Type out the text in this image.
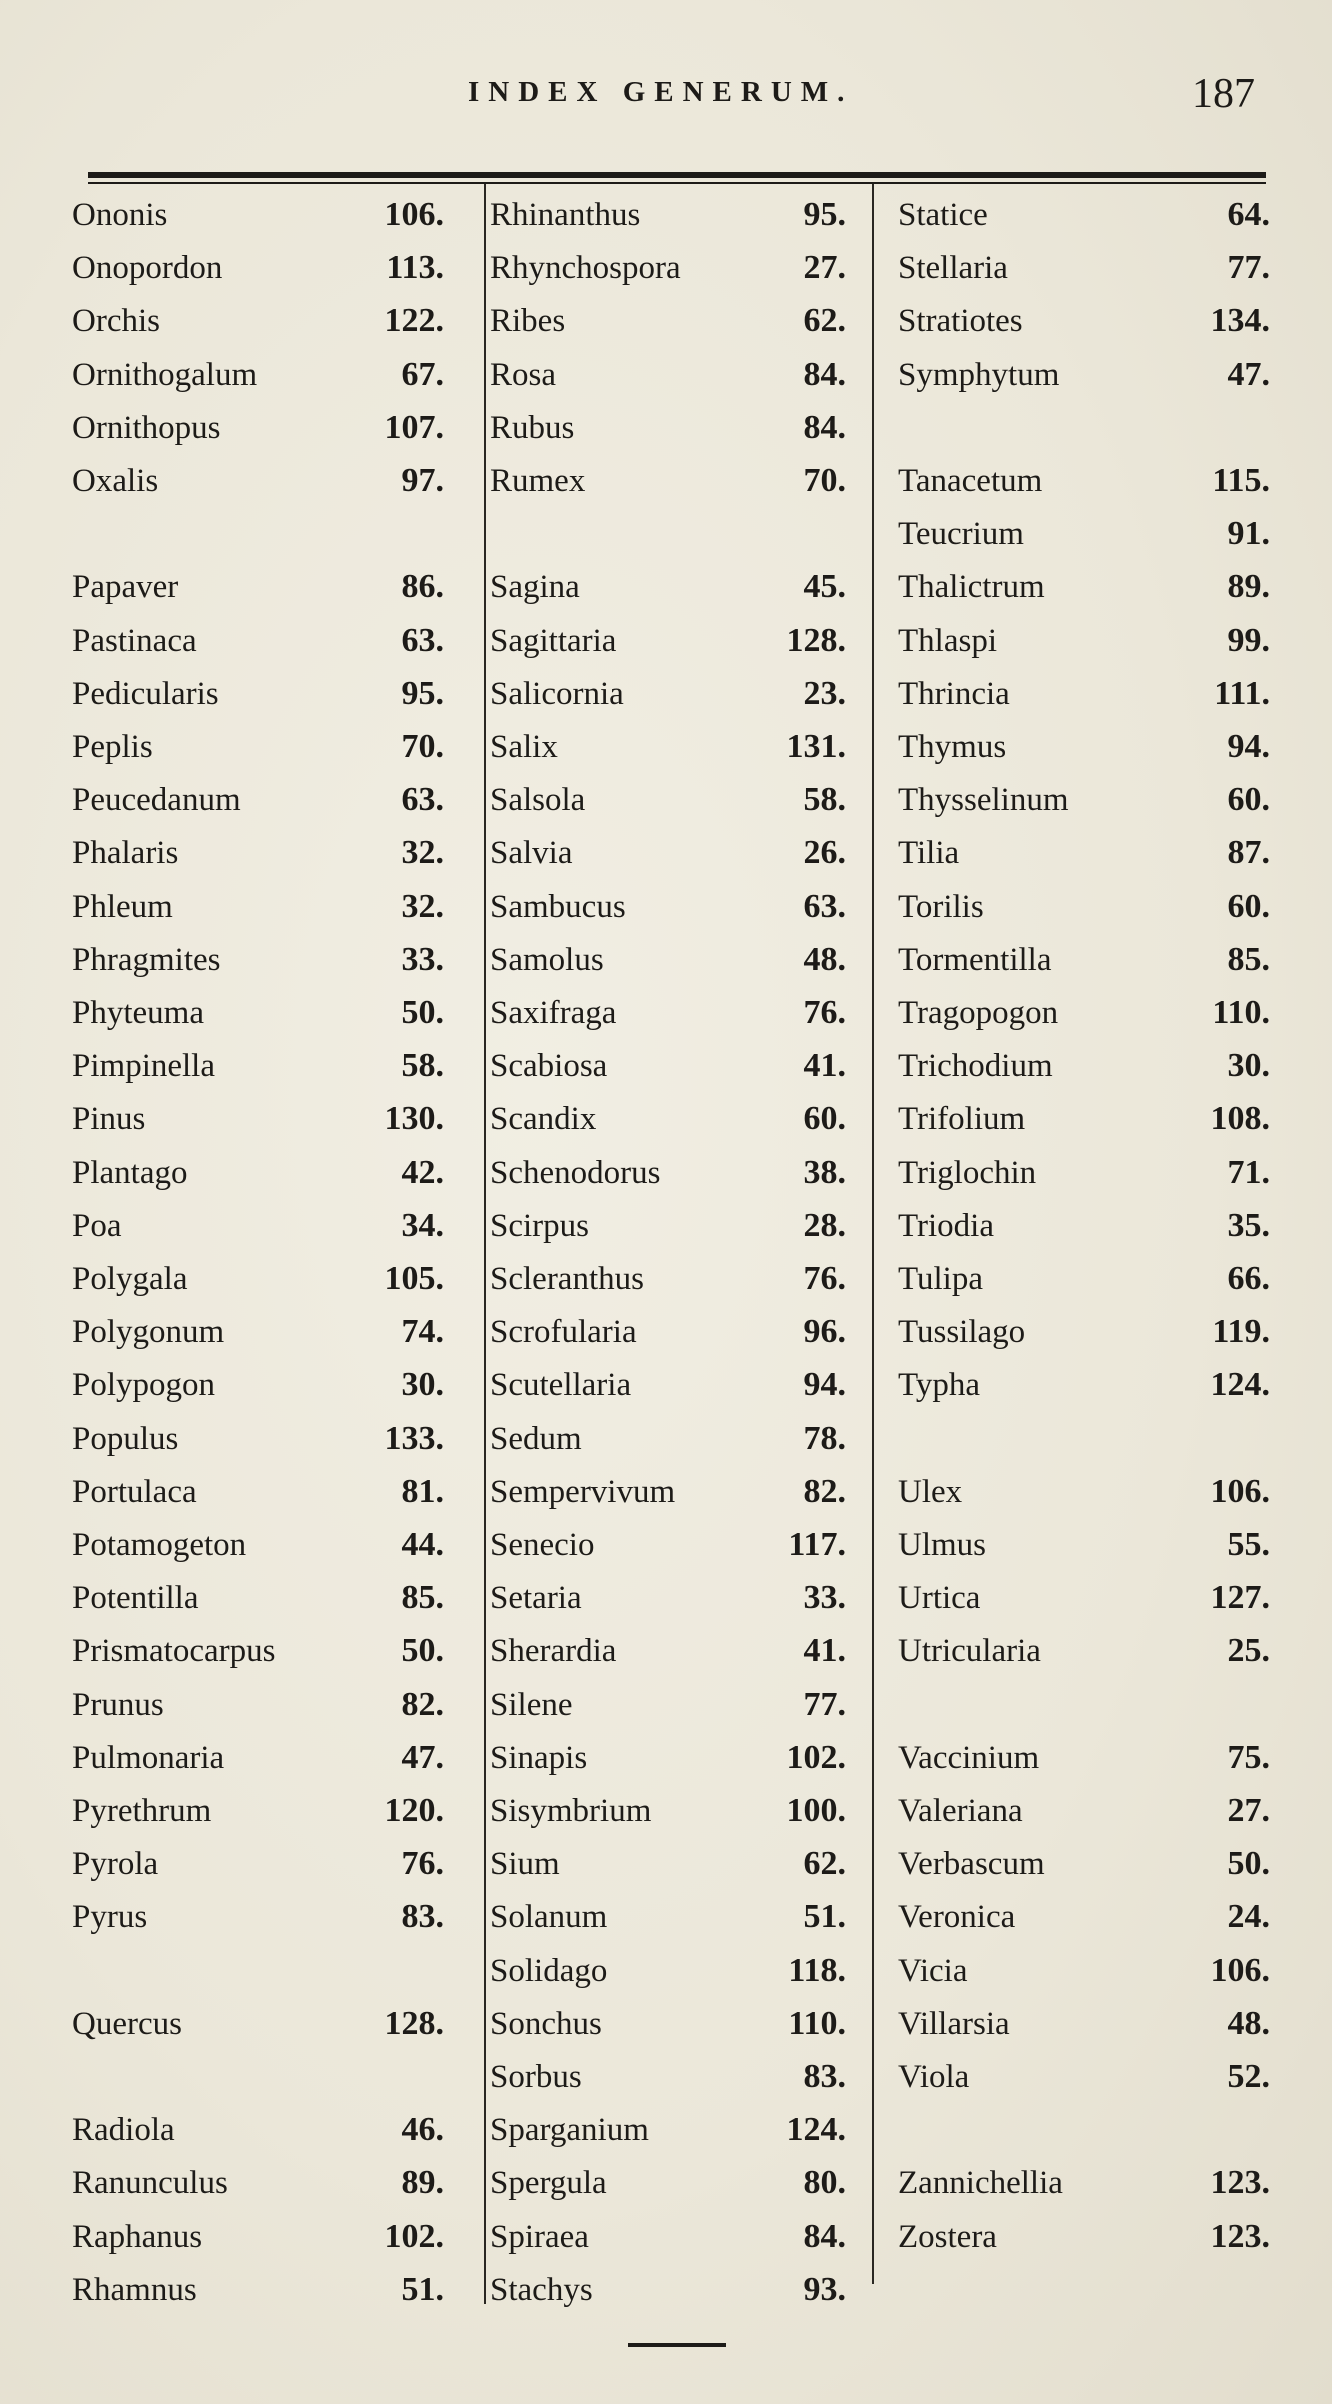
INDEX GENERUM.	187
Ononis	106.
Onopordon	113.
Orchis	122.
Ornithogalum	67.
Ornithopus	107.
Oxalis	97.
Papaver	86.
Pastinaca	63.
Pedicularis	95.
Peplis	70.
Peucedanum	63.
Phalaris	32.
Phleum	32.
Phragmites	33.
Phyteuma	50.
Pimpinella	58.
Pinus	130.
Plantago	42.
Poa	34.
Polygala	105.
Polygonum	74.
Polypogon	30.
Populus	133.
Portulaca	81.
Potamogeton	44.
Potentilla	85.
Prismatocarpus	50.
Prunus	82.
Pulmonaria	47.
Pyrethrum	120.
Pyrola	76.
Pyrus	83.
Quercus	128.
Radiola	46.
Ranunculus	89.
Raphanus	102.
Rhamnus	51.
Rhinanthus	95.
Rhynchospora	27.
Ribes	62.
Rosa	84.
Rubus	84.
Rumex	70.
Sagina	45.
Sagittaria	128.
Salicornia	23.
Salix	131.
Salsola	58.
Salvia	26.
Sambucus	63.
Samolus	48.
Saxifraga	76.
Scabiosa	41.
Scandix	60.
Schenodorus	38.
Scirpus	28.
Scleranthus	76.
Scrofularia	96.
Scutellaria	94.
Sedum	78.
Sempervivum	82.
Senecio	117.
Setaria	33.
Sherardia	41.
Silene	77.
Sinapis	102.
Sisymbrium	100.
Sium	62.
Solanum	51.
Solidago	118.
Sonchus	110.
Sorbus	83.
Sparganium	124.
Spergula	80.
Spiraea	84.
Stachys	93.
Statice	64.
Stellaria	77.
Stratiotes	134.
Symphytum	47.
Tanacetum	115.
Teucrium	91.
Thalictrum	89.
Thlaspi	99.
Thrincia	111.
Thymus	94.
Thysselinum	60.
Tilia	87.
Torilis	60.
Tormentilla	85.
Tragopogon	110.
Trichodium	30.
Trifolium	108.
Triglochin	71.
Triodia	35.
Tulipa	66.
Tussilago	119.
Typha	124.
Ulex	106.
Ulmus	55.
Urtica	127.
Utricularia	25.
Vaccinium	75.
Valeriana	27.
Verbascum	50.
Veronica	24.
Vicia	106.
Villarsia	48.
Viola	52.
Zannichellia	123.
Zostera	123.
